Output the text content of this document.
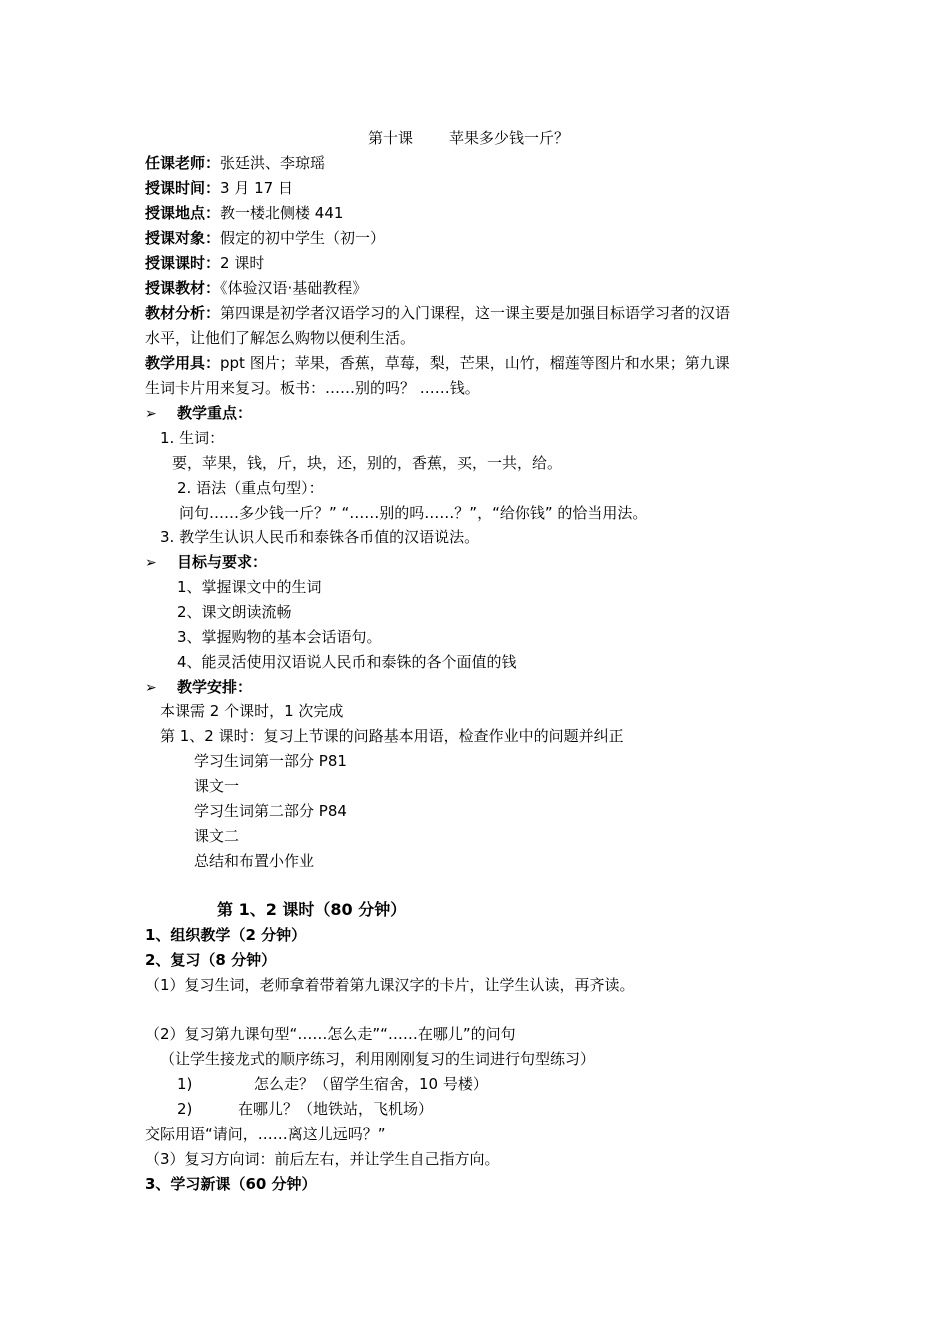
第十课 苹果多少钱一斤？
任课老师：张廷洪、李琼瑶
授课时间：3 月 17 日
授课地点：教一楼北侧楼 441
授课对象：假定的初中学生（初一）
授课课时：2 课时
授课教材：《体验汉语·基础教程》
教材分析：第四课是初学者汉语学习的入门课程，这一课主要是加强目标语学习者的汉语
水平，让他们了解怎么购物以便利生活。
教学用具：ppt 图片；苹果，香蕉，草莓，梨，芒果，山竹，榴莲等图片和水果；第九课
生词卡片用来复习。板书：……别的吗？ ……钱。
➢ 教学重点：
1. 生词：
要，苹果，钱，斤，块，还，别的，香蕉，买，一共，给。
2. 语法（重点句型）：
问句……多少钱一斤？” “……别的吗……？”，“给你钱” 的恰当用法。
3. 教学生认识人民币和泰铢各币值的汉语说法。
➢ 目标与要求：
1、掌握课文中的生词
2、课文朗读流畅
3、掌握购物的基本会话语句。
4、能灵活使用汉语说人民币和泰铢的各个面值的钱
➢ 教学安排：
本课需 2 个课时，1 次完成
第 1、2 课时：复习上节课的问路基本用语，检查作业中的问题并纠正
学习生词第一部分 P81
课文一
学习生词第二部分 P84
课文二
总结和布置小作业
第 1、2 课时（80 分钟）
1、组织教学（2 分钟）
2、复习（8 分钟）
（1）复习生词，老师拿着带着第九课汉字的卡片，让学生认读，再齐读。
（2）复习第九课句型“……怎么走”“……在哪儿”的问句
（让学生接龙式的顺序练习，利用刚刚复习的生词进行句型练习）
1)	怎么走？（留学生宿舍，10 号楼）
2)	在哪儿？（地铁站，飞机场）
交际用语“请问，……离这儿远吗？”
（3）复习方向词：前后左右，并让学生自己指方向。
3、学习新课（60 分钟）
